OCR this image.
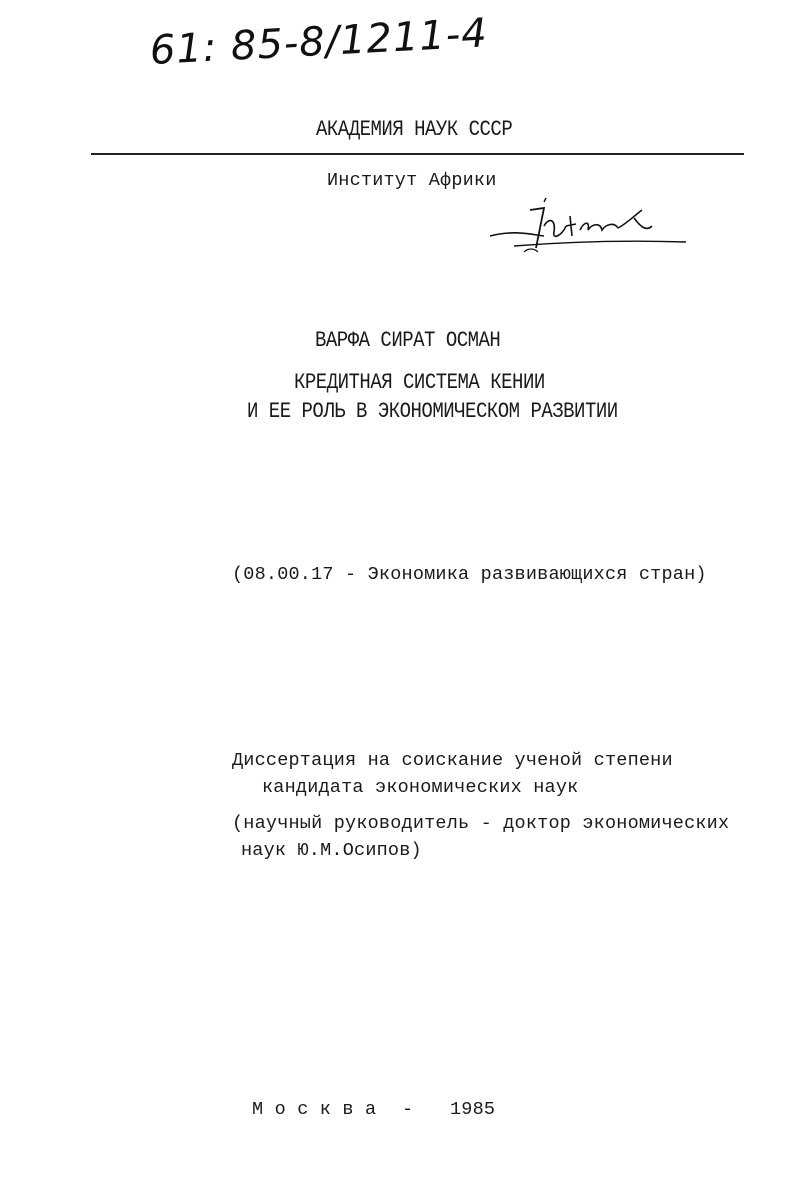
61: 85-8/1211-4
АКАДЕМИЯ НАУК СССР
Институт Африки
ВАРФА СИРАТ ОСМАН
КРЕДИТНАЯ СИСТЕМА КЕНИИ
И ЕЕ РОЛЬ В ЭКОНОМИЧЕСКОМ РАЗВИТИИ
(08.00.17 - Экономика развивающихся стран)
Диссертация на соискание ученой степени
кандидата экономических наук
(научный руководитель - доктор экономических
наук Ю.М.Осипов)
М о с к в а - 1985
